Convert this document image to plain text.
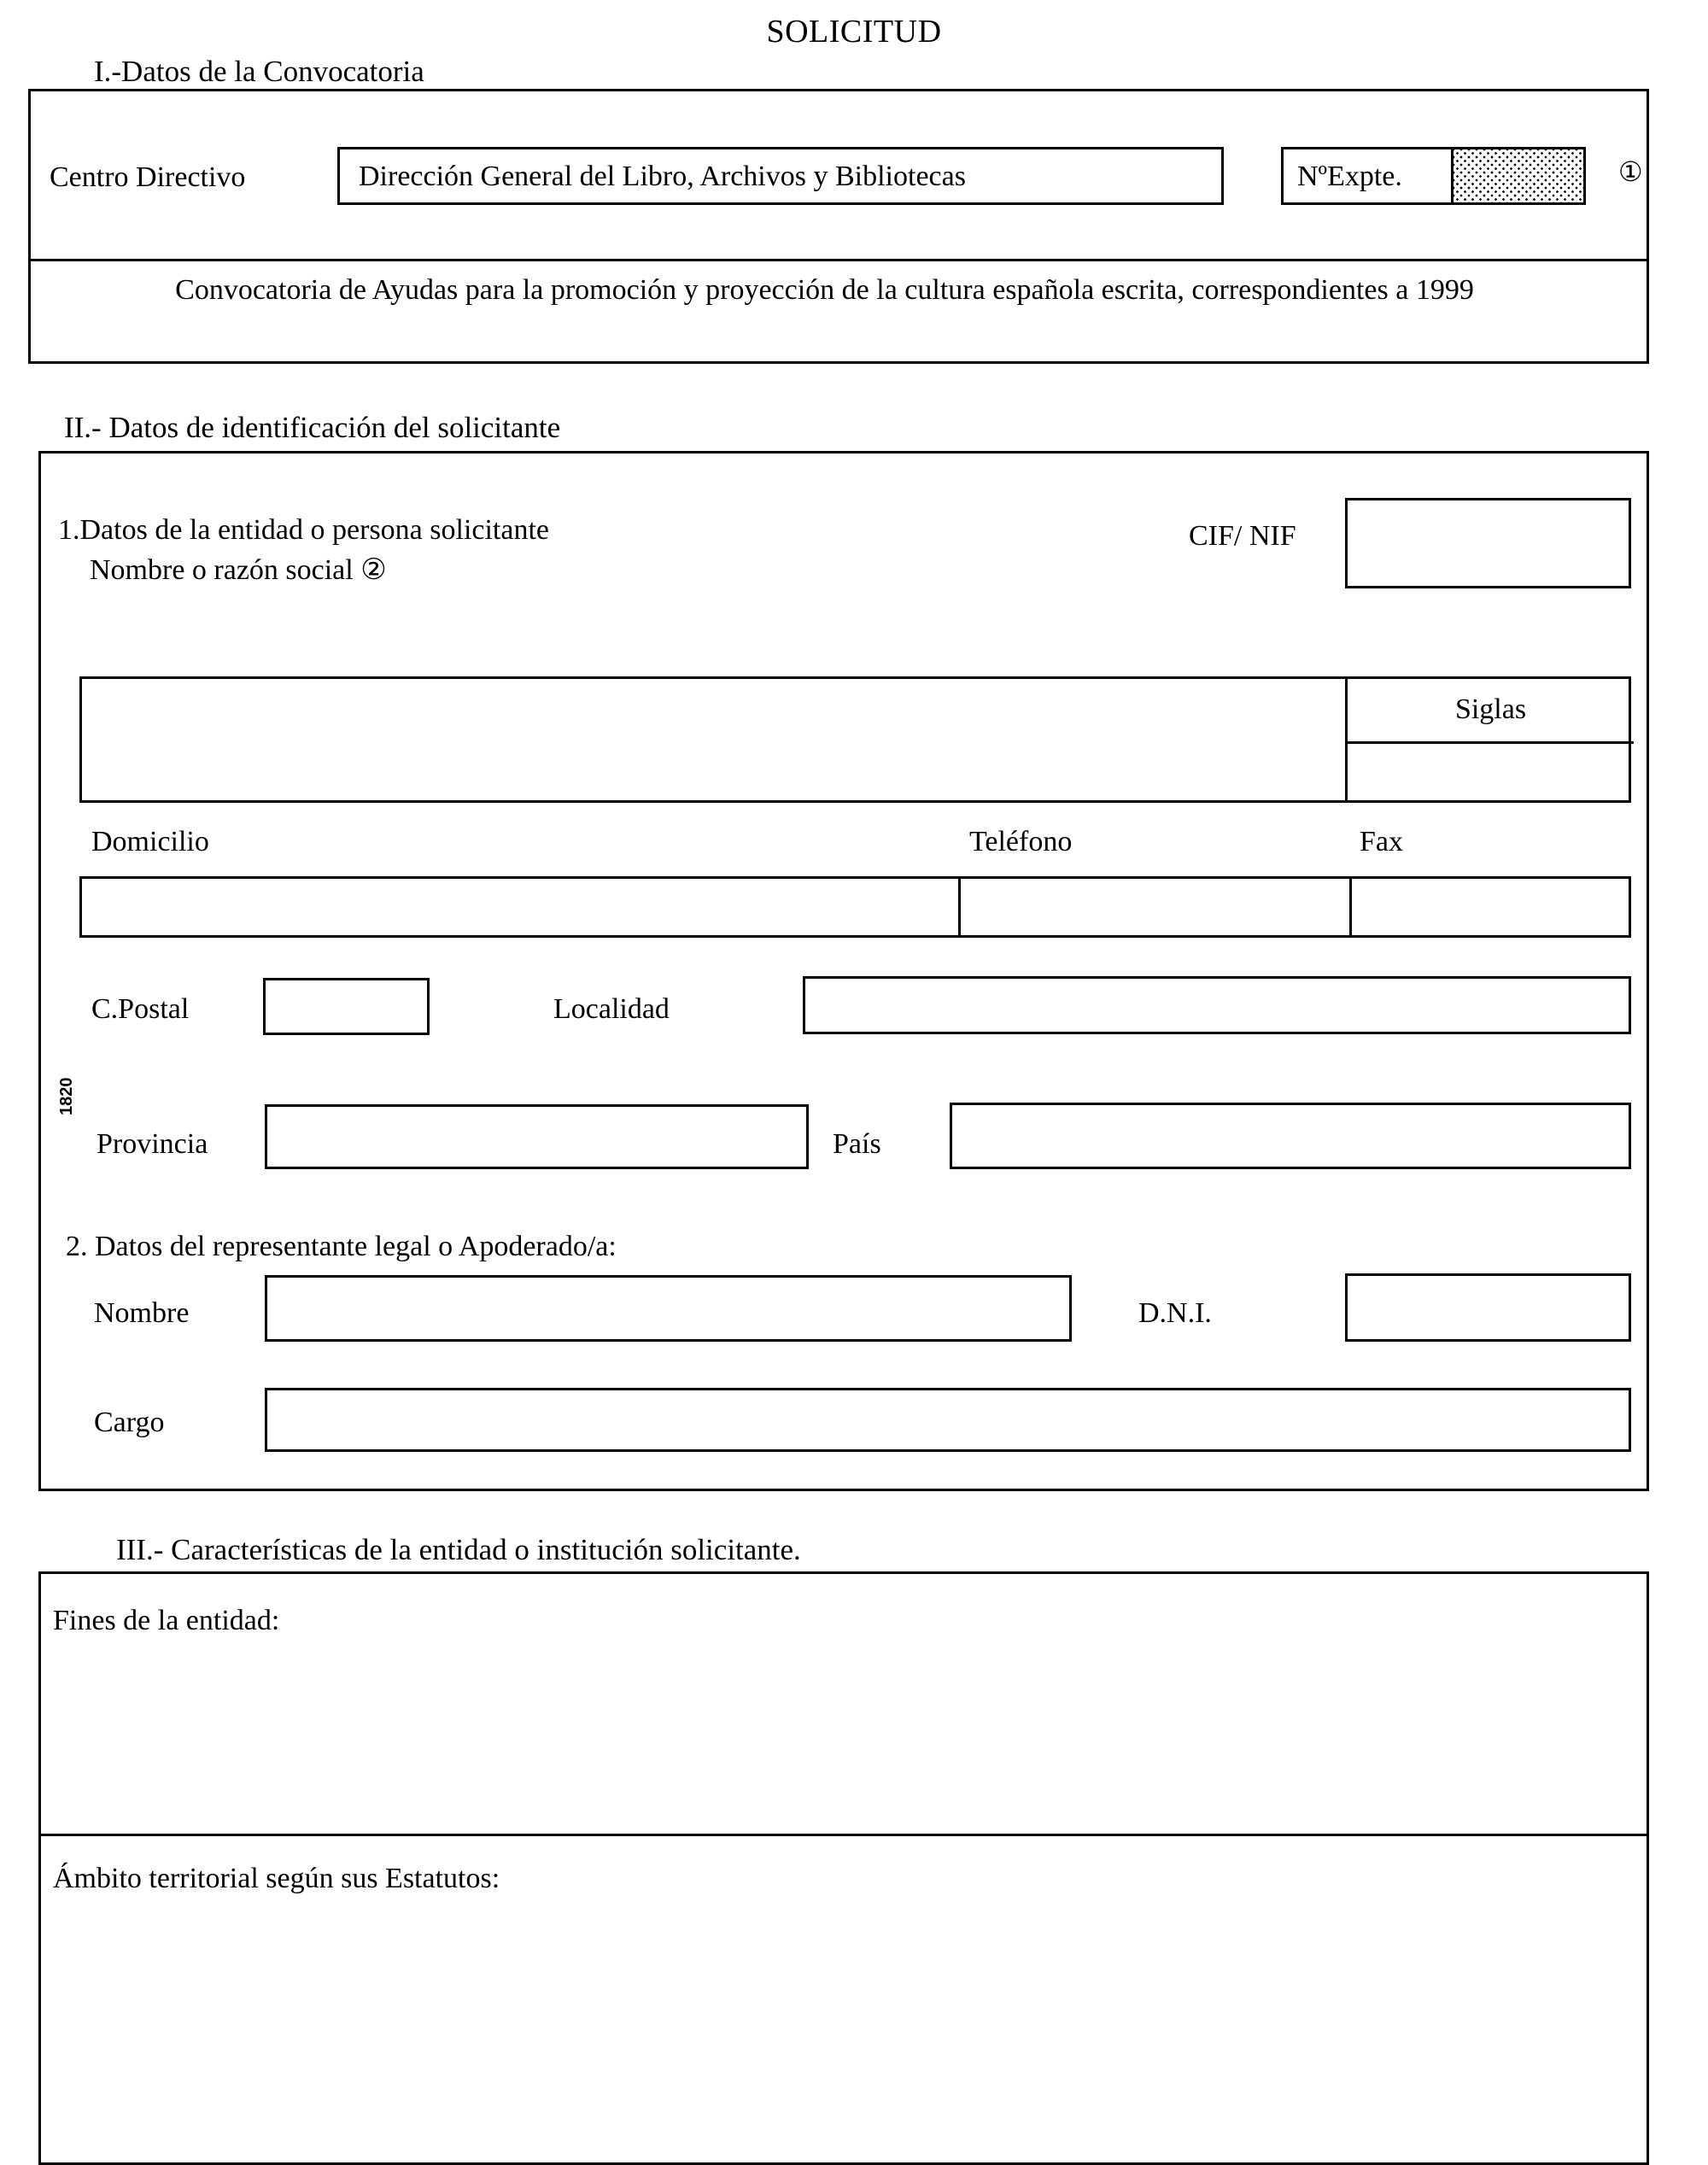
SOLICITUD
I.-Datos de la Convocatoria
Centro Directivo	Dirección General del Libro, Archivos y Bibliotecas	NºExpte.	①
Convocatoria de Ayudas para la promoción y proyección de la cultura española escrita, correspondientes a 1999
II.- Datos de identificación del solicitante
1820
1.Datos de la entidad o persona solicitante
Nombre o razón social ②
CIF/ NIF
Siglas
Domicilio	Teléfono	Fax
C.Postal	Localidad
Provincia	País
2. Datos del representante legal o Apoderado/a:
Nombre	D.N.I.
Cargo
III.- Características de la entidad o institución solicitante.
Fines de la entidad:
Ámbito territorial según sus Estatutos:
